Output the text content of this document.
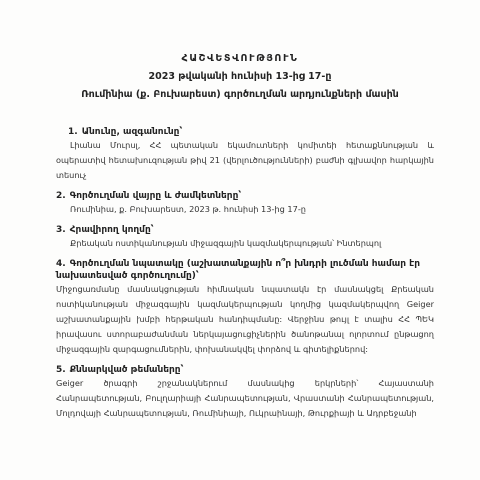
ՀԱՇՎԵՏՎՈՒԹՅՈՒՆ
2023 թվականի հունիսի 13-ից 17-ը
Ռումինիա (ք. Բուխարեստ) գործուղման արդյունքների մասին
1. Անունը, ազգանունը՝
Լիանա Մուրսլ, ՀՀ պետական եկամուտների կոմիտեի հետաքննության և օպերատիվ հետախուզության թիվ 21 (վերլուծությունների) բաժնի գլխավոր հարկային տեսուչ
2. Գործուղման վայրը և ժամկետները՝
Ռումինիա, ք. Բուխարեստ, 2023 թ. հունիսի 13-ից 17-ը
3. Հրավիրող կողմը՝
Քրեական ոստիկանության միջազգային կազմակերպության՝ Ինտերպոլ
4. Գործուղման նպատակը (աշխատանքային ո՞ր խնդրի լուծման համար էր նախատեսված գործուղումը)՝
Միջոցառմանը մասնակցության հիմնական նպատակն էր մասնակցել Քրեական ոստիկանության միջազգային կազմակերպության կողմից կազմակերպվող Geiger աշխատանքային խմբի հերթական հանդիպմանը: Վերջինս թույլ է տալիս ՀՀ ՊԵԿ իրավասու ստորաբաժանման ներկայացուցիչներին ծանոթանալ ոլորտում ընթացող միջազգային զարգացումներին, փոխանակվել փորձով և գիտելիքներով:
5. Քննարկված թեմաները՝
Geiger ծրագրի շրջանակներում մասնակից երկրների՝ Հայաստանի Հանրապետության, Բուլղարիայի Հանրապետության, Վրաստանի Հանրապետության, Մոլդովայի Հանրապետության, Ռումինիայի, Ուկրաինայի, Թուրքիայի և Ադրբեջանի
